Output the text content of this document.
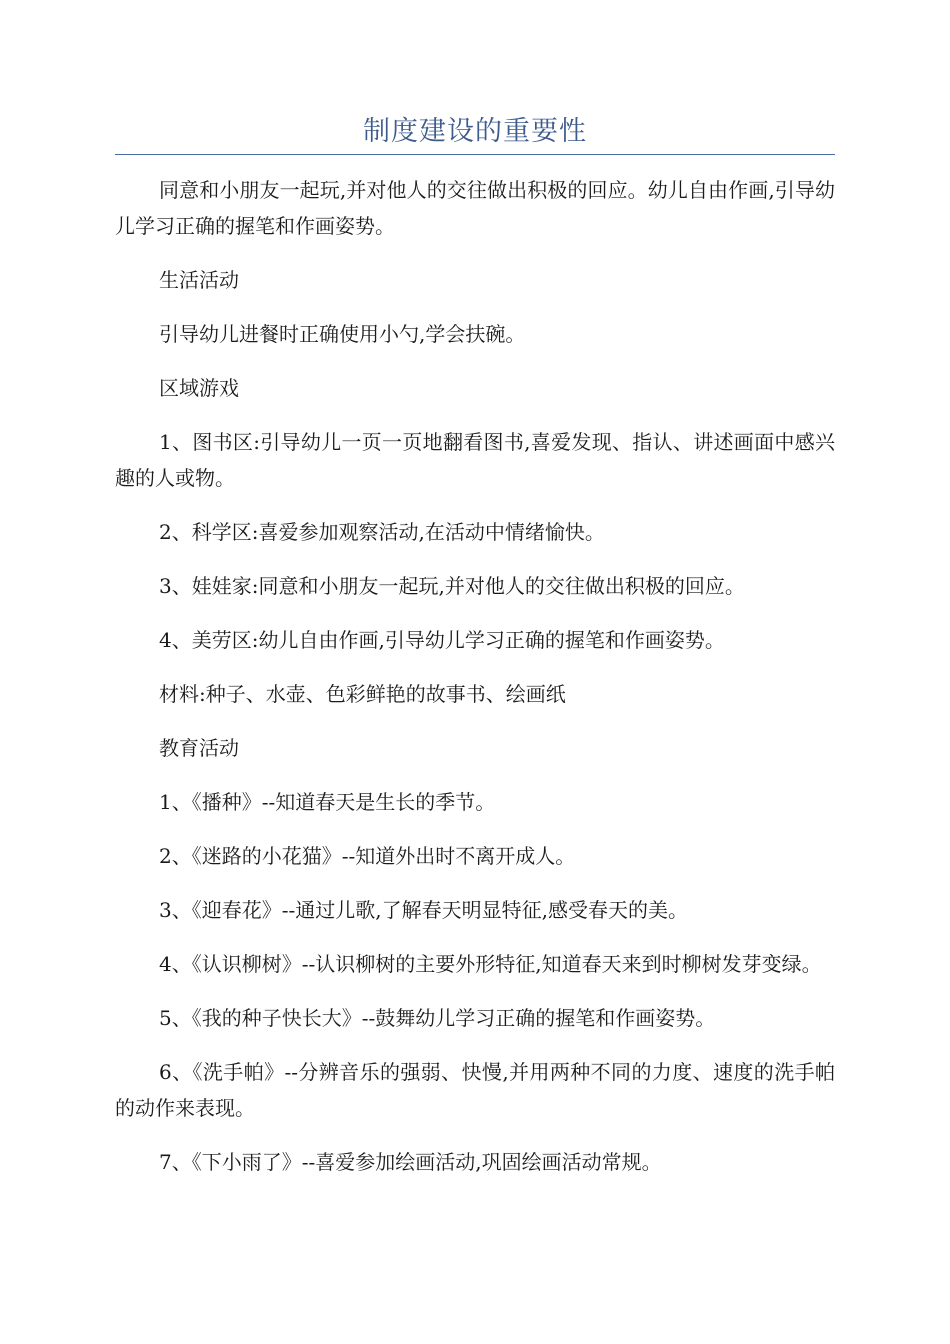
制度建设的重要性

同意和小朋友一起玩,并对他人的交往做出积极的回应。幼儿自由作画,引导幼儿学习正确的握笔和作画姿势。

生活活动

引导幼儿进餐时正确使用小勺,学会扶碗。

区域游戏

1、图书区:引导幼儿一页一页地翻看图书,喜爱发现、指认、讲述画面中感兴趣的人或物。

2、科学区:喜爱参加观察活动,在活动中情绪愉快。

3、娃娃家:同意和小朋友一起玩,并对他人的交往做出积极的回应。

4、美劳区:幼儿自由作画,引导幼儿学习正确的握笔和作画姿势。

材料:种子、水壶、色彩鲜艳的故事书、绘画纸

教育活动

1、《播种》--知道春天是生长的季节。

2、《迷路的小花猫》--知道外出时不离开成人。

3、《迎春花》--通过儿歌,了解春天明显特征,感受春天的美。

4、《认识柳树》--认识柳树的主要外形特征,知道春天来到时柳树发芽变绿。

5、《我的种子快长大》--鼓舞幼儿学习正确的握笔和作画姿势。

6、《洗手帕》--分辨音乐的强弱、快慢,并用两种不同的力度、速度的洗手帕的动作来表现。

7、《下小雨了》--喜爱参加绘画活动,巩固绘画活动常规。
